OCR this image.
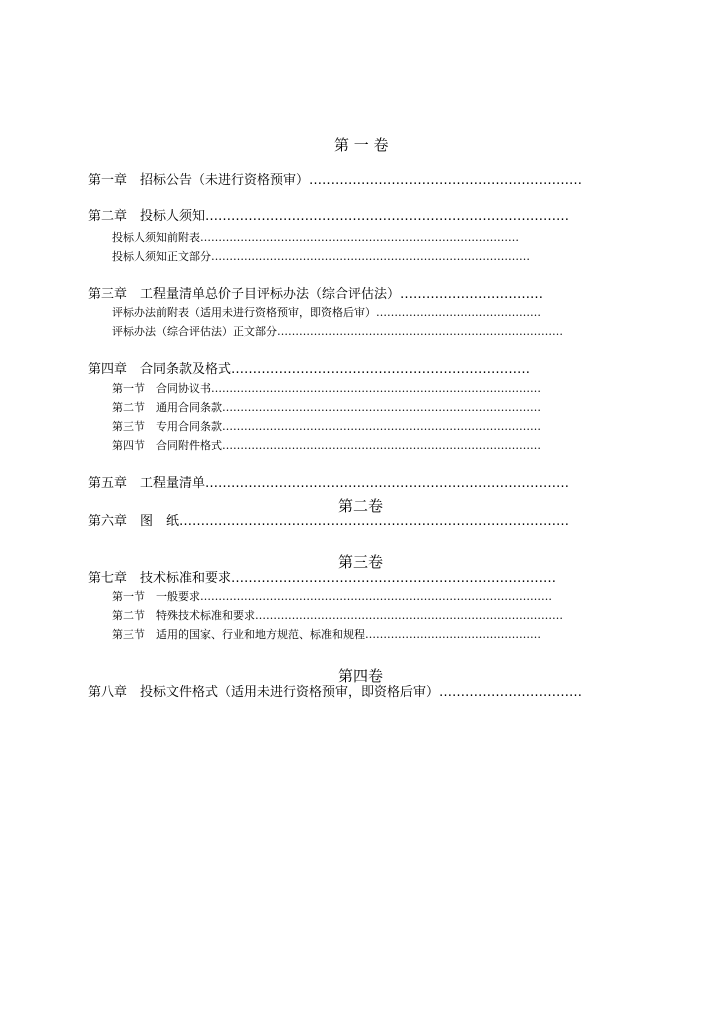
第 一 卷
第一章　招标公告（未进行资格预审）………………………………………………………
第二章　投标人须知…………………………………………………………………………
投标人须知前附表……………………………………………………………………………
投标人须知正文部分……………………………………………………………………………
第三章　工程量清单总价子目评标办法（综合评估法）……………………………
评标办法前附表（适用未进行资格预审，即资格后审）………………………………………
评标办法（综合评估法）正文部分……………………………………………………………………
第四章　合同条款及格式……………………………………………………………
第一节　合同协议书………………………………………………………………………………
第二节　通用合同条款……………………………………………………………………………
第三节　专用合同条款……………………………………………………………………………
第四节　合同附件格式……………………………………………………………………………
第五章　工程量清单…………………………………………………………………………
第二卷
第六章　图　纸………………………………………………………………………………
第三卷
第七章　技术标准和要求…………………………………………………………………
第一节　一般要求……………………………………………………………………………………
第二节　特殊技术标准和要求…………………………………………………………………………
第三节　适用的国家、行业和地方规范、标准和规程…………………………………………
第四卷
第八章　投标文件格式（适用未进行资格预审，即资格后审）……………………………
